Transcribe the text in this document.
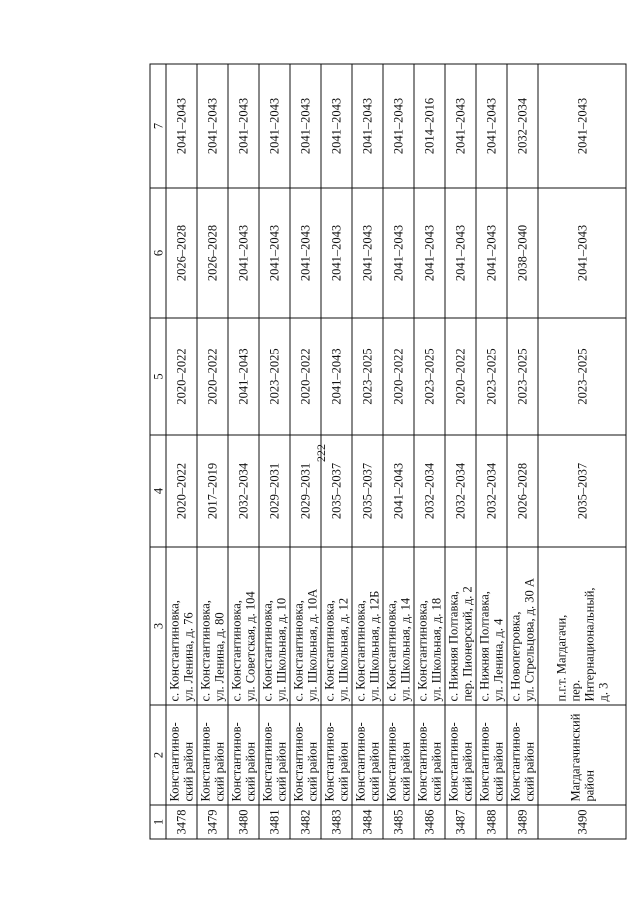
222
1	2	3	4	5	6	7
3478	Константинов- ский район	с. Константиновка, ул. Ленина, д. 76	2020–2022	2020–2022	2026–2028	2041–2043
3479	Константинов- ский район	с. Константиновка, ул. Ленина, д. 80	2017–2019	2020–2022	2026–2028	2041–2043
3480	Константинов- ский район	с. Константиновка, ул. Советская, д. 104	2032–2034	2041–2043	2041–2043	2041–2043
3481	Константинов- ский район	с. Константиновка, ул. Школьная, д. 10	2029–2031	2023–2025	2041–2043	2041–2043
3482	Константинов- ский район	с. Константиновка, ул. Школьная, д. 10А	2029–2031	2020–2022	2041–2043	2041–2043
3483	Константинов- ский район	с. Константиновка, ул. Школьная, д. 12	2035–2037	2041–2043	2041–2043	2041–2043
3484	Константинов- ский район	с. Константиновка, ул. Школьная, д. 12Б	2035–2037	2023–2025	2041–2043	2041–2043
3485	Константинов- ский район	с. Константиновка, ул. Школьная, д. 14	2041–2043	2020–2022	2041–2043	2041–2043
3486	Константинов- ский район	с. Константиновка, ул. Школьная, д. 18	2032–2034	2023–2025	2041–2043	2014–2016
3487	Константинов- ский район	с. Нижняя Полтавка, пер. Пионерский, д. 2	2032–2034	2020–2022	2041–2043	2041–2043
3488	Константинов- ский район	с. Нижняя Полтавка, ул. Ленина, д. 4	2032–2034	2023–2025	2041–2043	2041–2043
3489	Константинов- ский район	с. Новопетровка, ул. Стрельцова, д. 30 А	2026–2028	2023–2025	2038–2040	2032–2034
3490	Магдагачинский район	п.г.т. Магдагачи, пер. Интернациональный, д. 3	2035–2037	2023–2025	2041–2043	2041–2043
